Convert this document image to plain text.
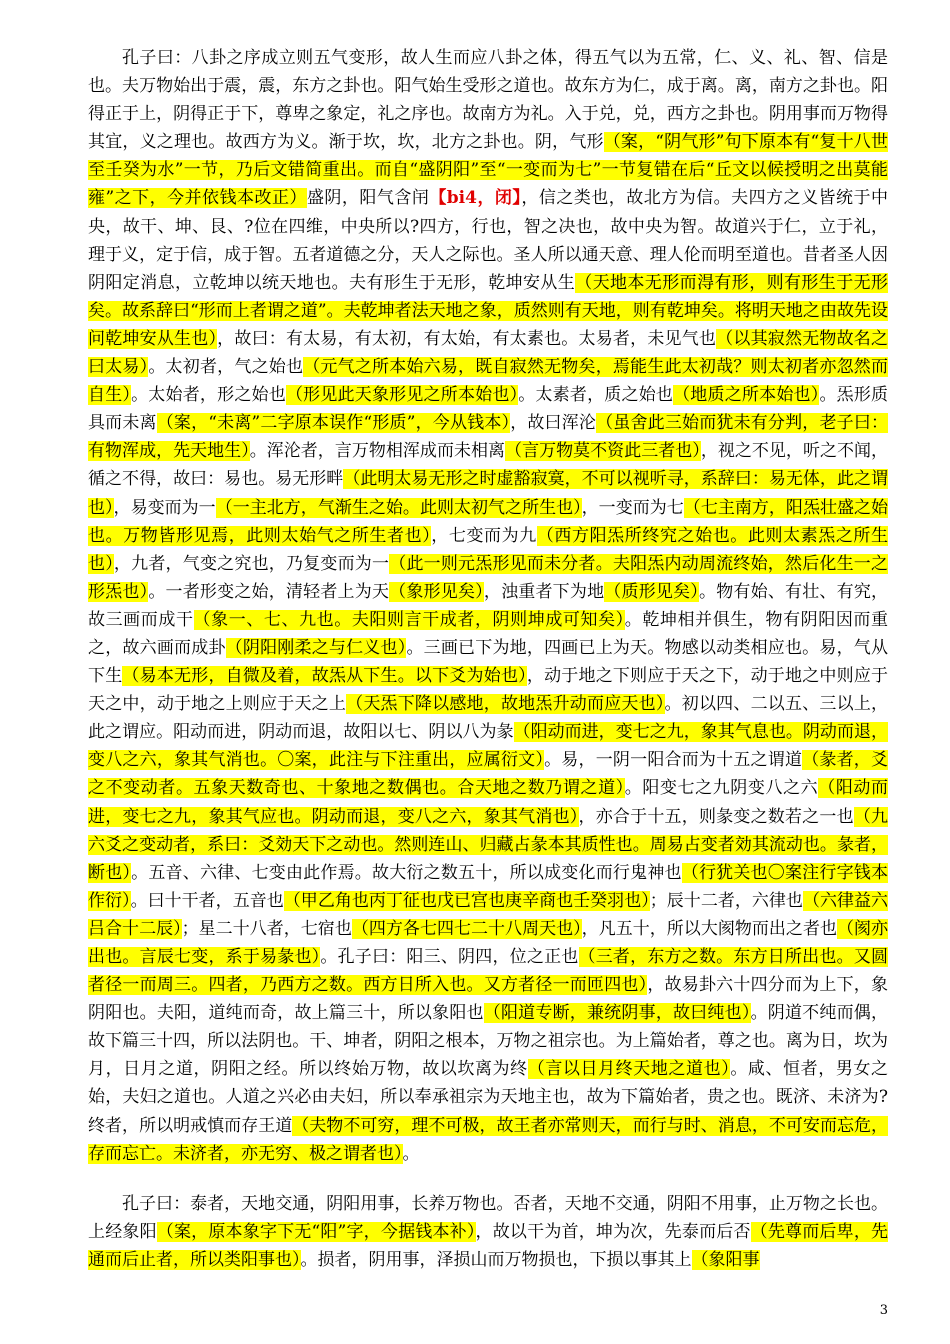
孔子曰：八卦之序成立则五气变形，故人生而应八卦之体，得五气以为五常，仁、义、礼、智、信是也。夫万物始出于震，震，东方之卦也。阳气始生受形之道也。故东方为仁，成于离。离，南方之卦也。阳得正于上，阴得正于下，尊卑之象定，礼之序也。故南方为礼。入于兑，兑，西方之卦也。阴用事而万物得其宜，义之理也。故西方为义。渐于坎，坎，北方之卦也。阴，气形（案，“阴气形”句下原本有“复十八世至壬癸为水”一节，乃后文错简重出。而自“盛阴阳”至“一变而为七”一节复错在后“丘文以候授明之出莫能雍”之下，今并依钱本改正）盛阴，阳气含闬【bi4，闭】，信之类也，故北方为信。夫四方之义皆统于中央，故干、坤、艮、?位在四维，中央所以?四方，行也，智之决也，故中央为智。故道兴于仁，立于礼，理于义，定于信，成于智。五者道德之分，天人之际也。圣人所以通天意、理人伦而明至道也。昔者圣人因阴阳定消息，立乾坤以统天地也。夫有形生于无形，乾坤安从生（天地本无形而淂有形，则有形生于无形矣。故系辞曰“形而上者谓之道”。夫乾坤者法天地之象，质然则有天地，则有乾坤矣。将明天地之由故先设问乾坤安从生也），故曰：有太易，有太初，有太始，有太素也。太易者，未见气也（以其寂然无物故名之曰太易）。太初者，气之始也（元气之所本始六易，既自寂然无物矣，焉能生此太初哉？则太初者亦忽然而自生）。太始者，形之始也（形见此天象形见之所本始也）。太素者，质之始也（地质之所本始也）。炁形质具而未离（案，“未离”二字原本误作“形质”，今从钱本），故曰浑沦（虽舍此三始而犹未有分判，老子曰：有物浑成，先天地生）。浑沦者，言万物相浑成而未相离（言万物莫不资此三者也），视之不见，听之不闻，循之不得，故曰：易也。易无形畔（此明太易无形之时虚豁寂寞，不可以视听寻，系辞曰：易无体，此之谓也），易变而为一（一主北方，气渐生之始。此则太初气之所生也），一变而为七（七主南方，阳炁壮盛之始也。万物皆形见焉，此则太始气之所生者也），七变而为九（西方阳炁所终究之始也。此则太素炁之所生也），九者，气变之究也，乃复变而为一（此一则元炁形见而未分者。夫阳炁内动周流终始，然后化生一之形炁也）。一者形变之始，清轻者上为天（象形见矣），浊重者下为地（质形见矣）。物有始、有壮、有究，故三画而成干（象一、七、九也。夫阳则言干成者，阴则坤成可知矣）。乾坤相并俱生，物有阴阳因而重之，故六画而成卦（阴阳刚柔之与仁义也）。三画已下为地，四画已上为天。物感以动类相应也。易，气从下生（易本无形，自微及着，故炁从下生。以下爻为始也），动于地之下则应于天之下，动于地之中则应于天之中，动于地之上则应于天之上（天炁下降以感地，故地炁升动而应天也）。初以四、二以五、三以上，此之谓应。阳动而进，阴动而退，故阳以七、阴以八为彖（阳动而进，变七之九，象其气息也。阴动而退，变八之六，象其气消也。〇案，此注与下注重出，应属衍文）。易，一阴一阳合而为十五之谓道（彖者，爻之不变动者。五象天数奇也、十象地之数偶也。合天地之数乃谓之道）。阳变七之九阴变八之六（阳动而进，变七之九，象其气应也。阴动而退，变八之六，象其气消也），亦合于十五，则彖变之数若之一也（九六爻之变动者，系曰：爻効天下之动也。然则连山、归藏占彖本其质性也。周易占变者効其流动也。彖者，断也）。五音、六律、七变由此作焉。故大衍之数五十，所以成变化而行鬼神也（行犹关也〇案注行字钱本作衍）。曰十干者，五音也（甲乙角也丙丁征也戊已宫也庚辛商也壬癸羽也）；辰十二者，六律也（六律益六吕合十二辰）；星二十八者，七宿也（四方各七四七二十八周天也），凡五十，所以大阂物而出之者也（阂亦出也。言辰七变，系于易彖也）。孔子曰：阳三、阴四，位之正也（三者，东方之数。东方日所出也。又圆者径一而周三。四者，乃西方之数。西方日所入也。又方者径一而匝四也），故易卦六十四分而为上下，象阴阳也。夫阳，道纯而奇，故上篇三十，所以象阳也（阳道专断，兼统阴事，故曰纯也）。阴道不纯而偶，故下篇三十四，所以法阴也。干、坤者，阴阳之根本，万物之祖宗也。为上篇始者，尊之也。离为日，坎为月，日月之道，阴阳之经。所以终始万物，故以坎离为终（言以日月终天地之道也）。咸、恒者，男女之始，夫妇之道也。人道之兴必由夫妇，所以奉承祖宗为天地主也，故为下篇始者，贵之也。既济、未济为?终者，所以明戒慎而存王道（夫物不可穷，理不可极，故王者亦常则天，而行与时、消息，不可安而忘危，存而忘亡。未济者，亦无穷、极之谓者也）。

孔子曰：泰者，天地交通，阴阳用事，长养万物也。否者，天地不交通，阴阳不用事，止万物之长也。上经象阳（案，原本象字下无“阳”字，今据钱本补），故以干为首，坤为次，先泰而后否（先尊而后卑，先通而后止者，所以类阳事也）。损者，阴用事，泽损山而万物损也，下损以事其上（象阳事

3
